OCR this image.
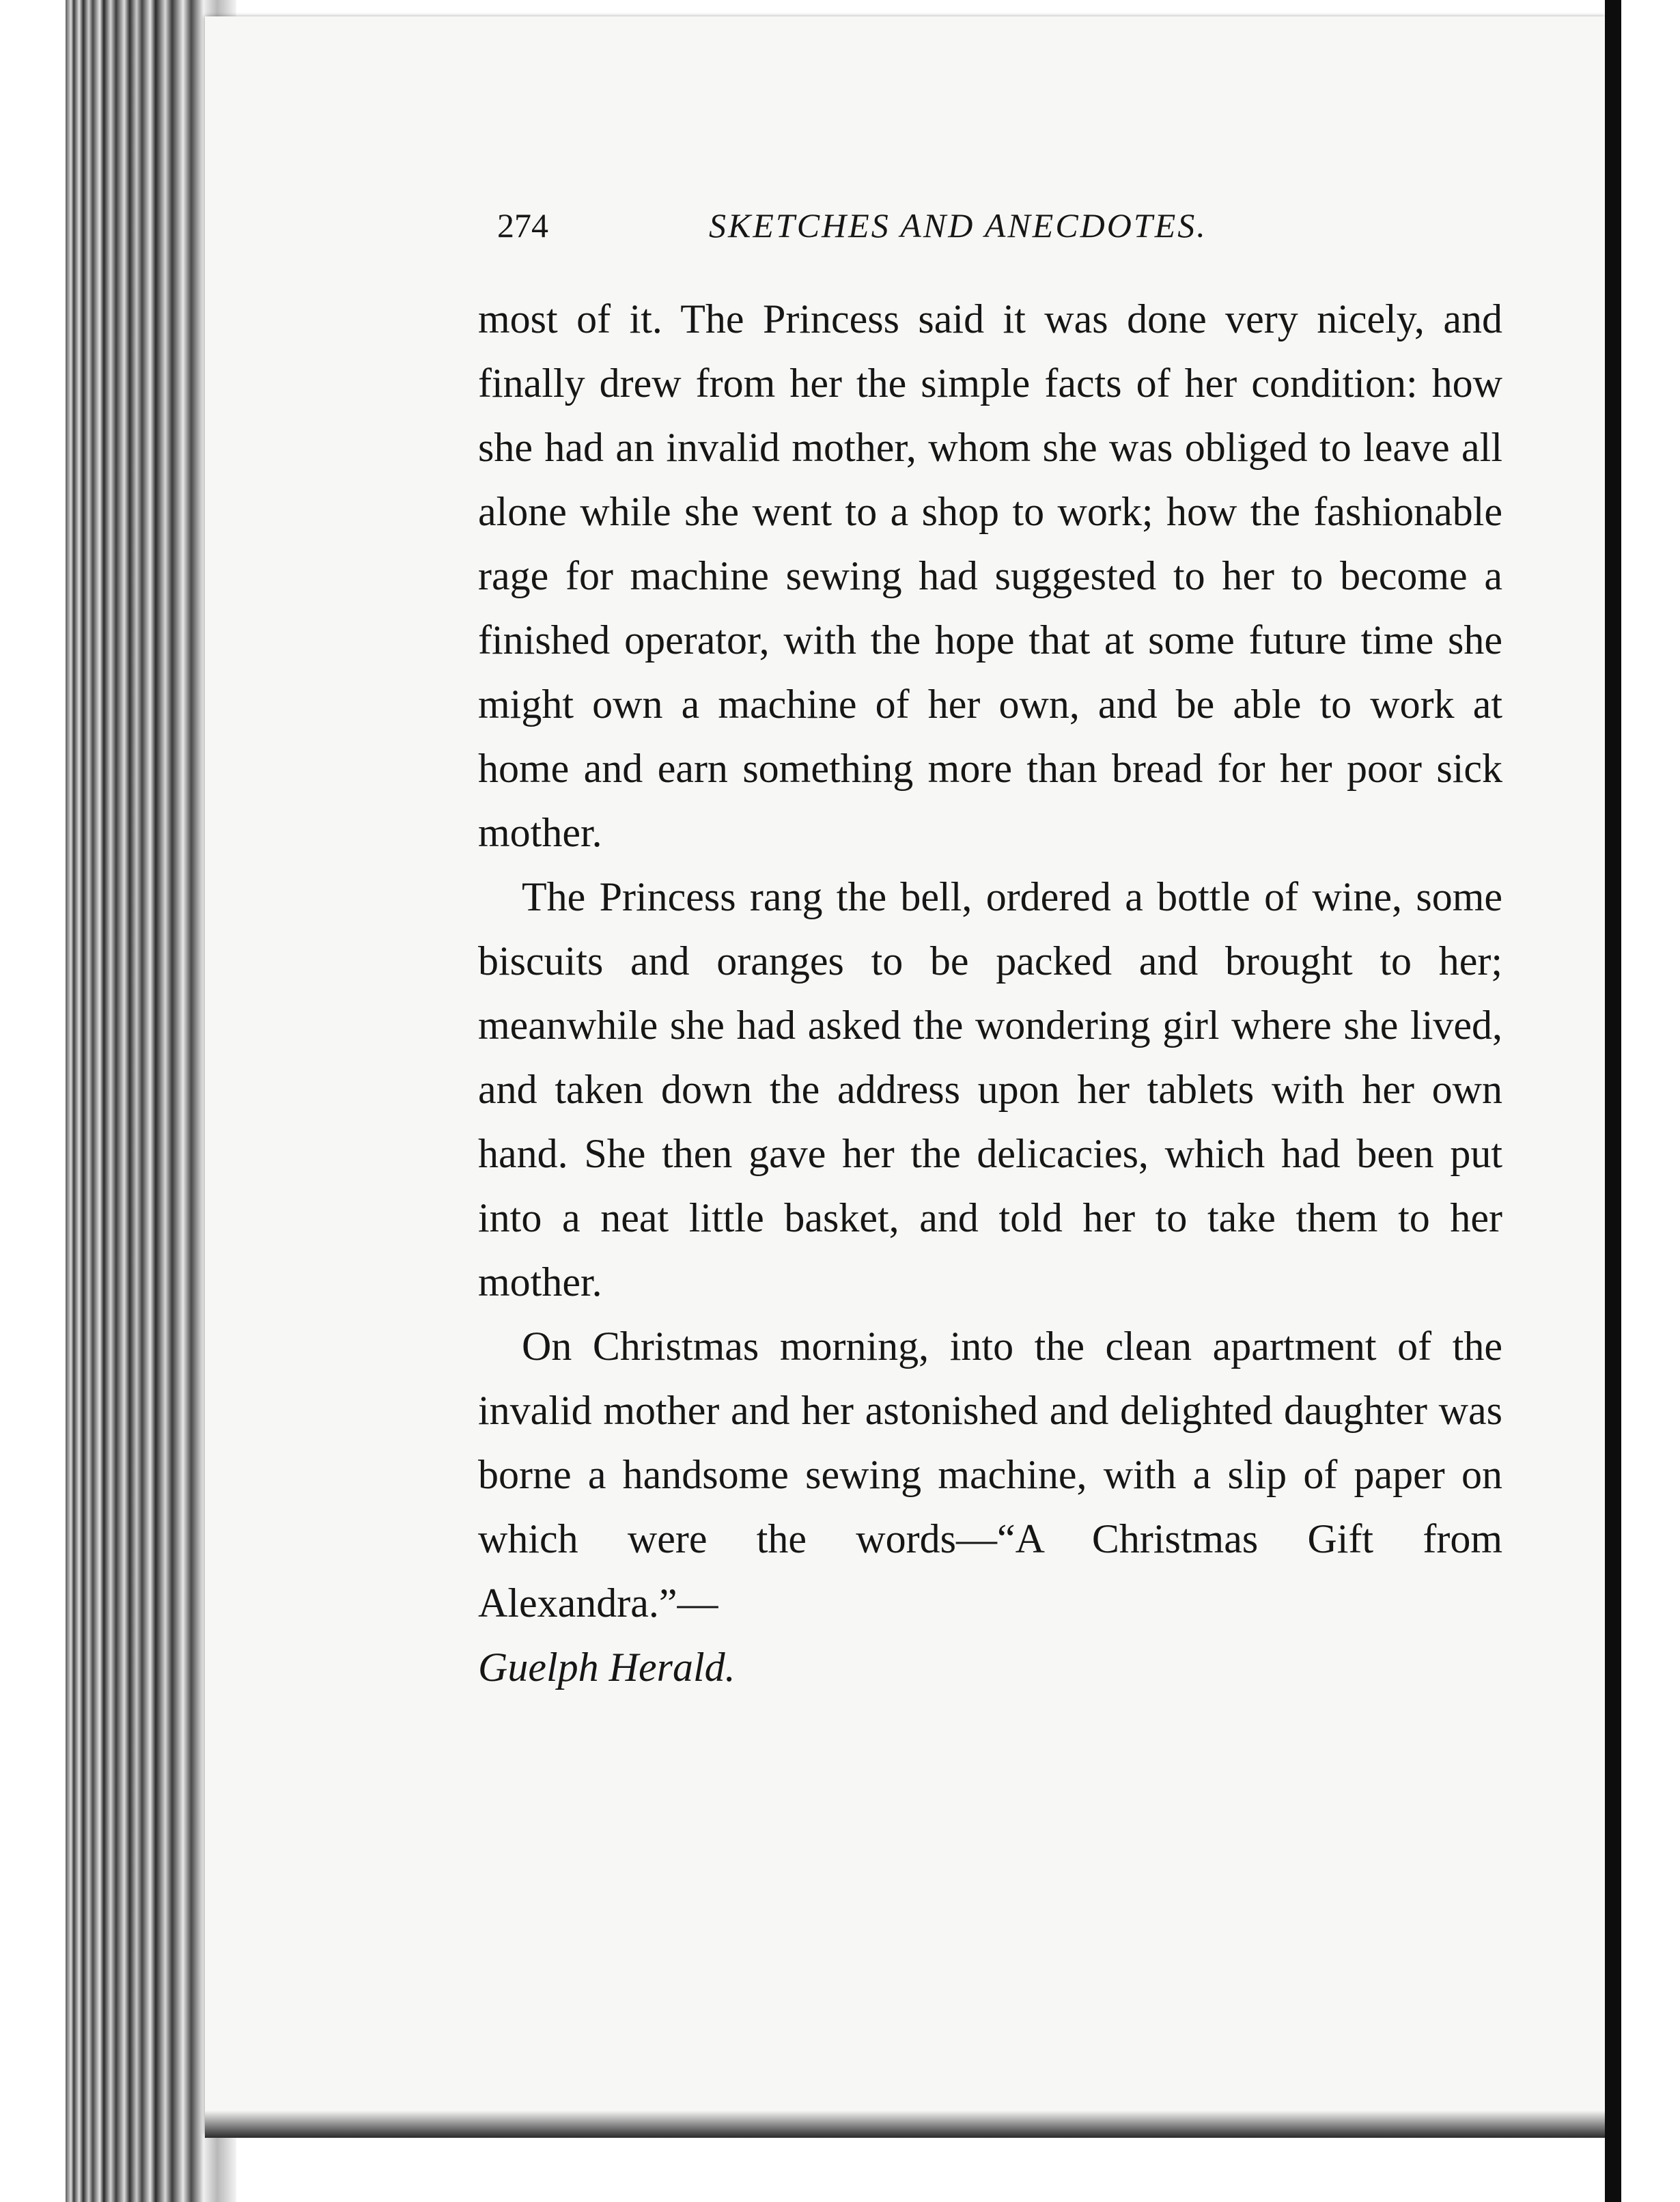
274	SKETCHES AND ANECDOTES.

most of it. The Princess said it was done very nicely, and finally drew from her the simple facts of her condition: how she had an invalid mother, whom she was obliged to leave all alone while she went to a shop to work; how the fashionable rage for machine sewing had suggested to her to become a finished operator, with the hope that at some future time she might own a machine of her own, and be able to work at home and earn something more than bread for her poor sick mother.

The Princess rang the bell, ordered a bottle of wine, some biscuits and oranges to be packed and brought to her; meanwhile she had asked the wondering girl where she lived, and taken down the address upon her tablets with her own hand. She then gave her the delicacies, which had been put into a neat little basket, and told her to take them to her mother.

On Christmas morning, into the clean apartment of the invalid mother and her astonished and delighted daughter was borne a handsome sewing machine, with a slip of paper on which were the words—“A Christmas Gift from Alexandra.”—

Guelph Herald.
